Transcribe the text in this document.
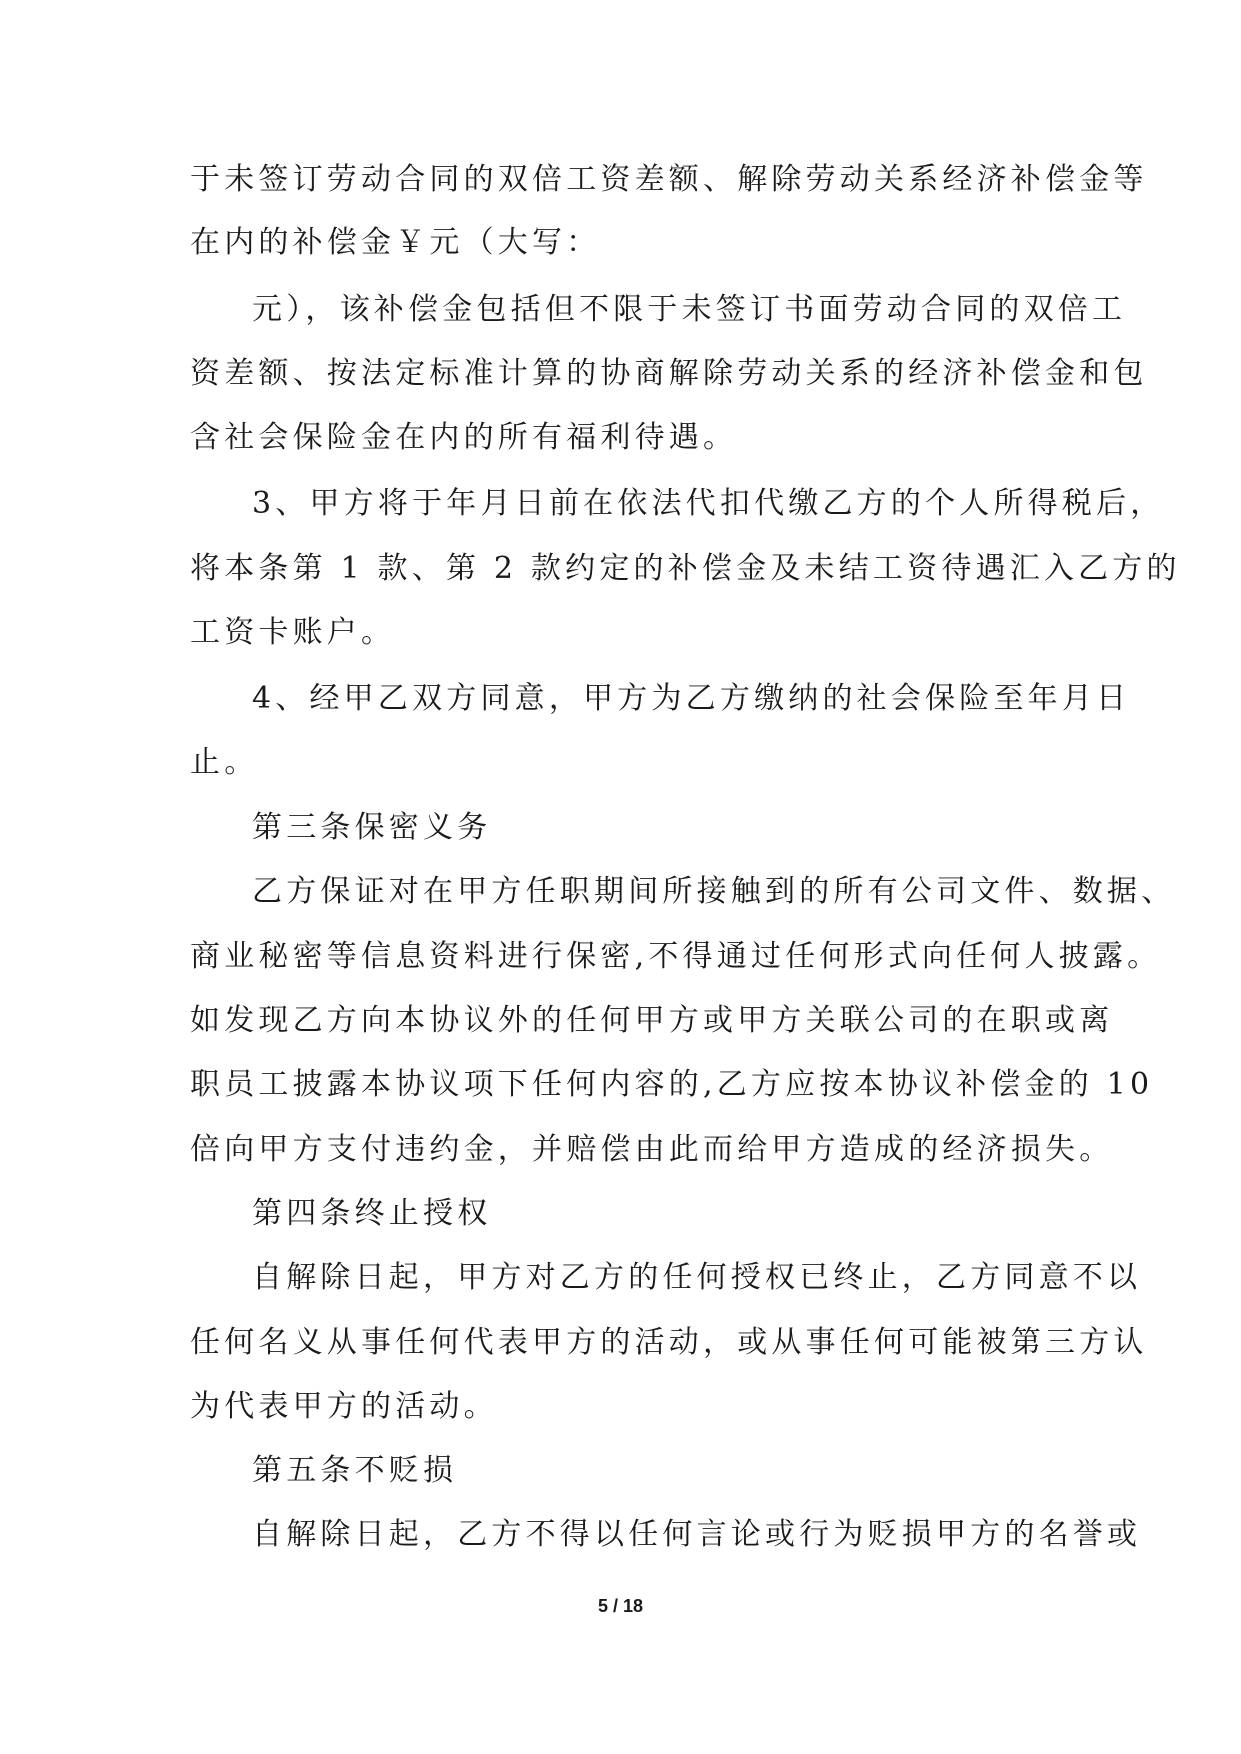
于未签订劳动合同的双倍工资差额、解除劳动关系经济补偿金等

在内的补偿金￥元（大写：

元），该补偿金包括但不限于未签订书面劳动合同的双倍工

资差额、按法定标准计算的协商解除劳动关系的经济补偿金和包

含社会保险金在内的所有福利待遇。

3、甲方将于年月日前在依法代扣代缴乙方的个人所得税后，

将本条第 1 款、第 2 款约定的补偿金及未结工资待遇汇入乙方的

工资卡账户。

4、经甲乙双方同意，甲方为乙方缴纳的社会保险至年月日

止。

第三条保密义务

乙方保证对在甲方任职期间所接触到的所有公司文件、数据、

商业秘密等信息资料进行保密,不得通过任何形式向任何人披露。

如发现乙方向本协议外的任何甲方或甲方关联公司的在职或离

职员工披露本协议项下任何内容的,乙方应按本协议补偿金的 10

倍向甲方支付违约金，并赔偿由此而给甲方造成的经济损失。

第四条终止授权

自解除日起，甲方对乙方的任何授权已终止，乙方同意不以

任何名义从事任何代表甲方的活动，或从事任何可能被第三方认

为代表甲方的活动。

第五条不贬损

自解除日起，乙方不得以任何言论或行为贬损甲方的名誉或

5 / 18
